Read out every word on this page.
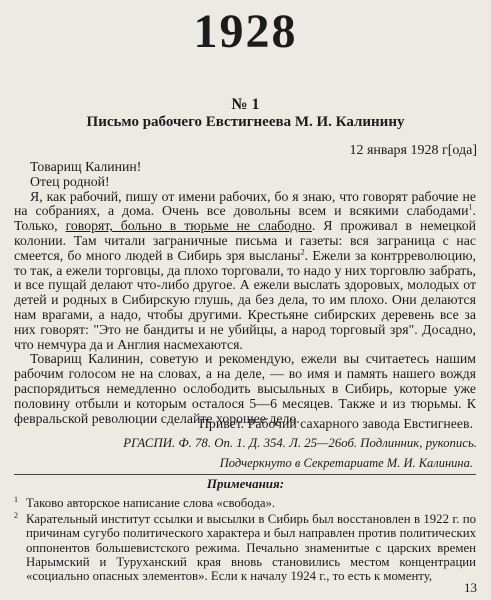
1928
№ 1
Письмо рабочего Евстигнеева М. И. Калинину
12 января 1928 г[ода]

Товарищ Калинин!

Отец родной!

Я, как рабочий, пишу от имени рабочих, бо я знаю, что говорят рабочие не на собраниях, а дома. Очень все довольны всем и всякими слабодами$^1$. Только, говорят, больно в тюрьме не слабодно. Я проживал в немецкой колонии. Там читали заграничные письма и газеты: вся заграница с нас смеется, бо много людей в Сибирь зря высланы$^2$. Ежели за контрреволюцию, то так, а ежели торговцы, да плохо торговали, то надо у них торговлю забрать, и все пущай делают что-либо другое. А ежели выслать здоровых, молодых от детей и родных в Сибирскую глушь, да без дела, то им плохо. Они делаются нам врагами, а надо, чтобы другими. Крестьяне сибирских деревень все за них говорят: "Это не бандиты и не убийцы, а народ торговый зря". Досадно, что немчура да и Англия насмехаются.

Товарищ Калинин, советую и рекомендую, ежели вы считаетесь нашим рабочим голосом не на словах, а на деле, — во имя и память нашего вождя распорядиться немедленно ослободить высыльных в Сибирь, которые уже половину отбыли и которым осталося 5—6 месяцев. Также и из тюрьмы. К февральской революции сделайте хорошее дело.

Привет. Рабочий сахарного завода Евстигнеев.
РГАСПИ. Ф. 78. Оп. 1. Д. 354. Л. 25—26об. Подлинник, рукопись.
Подчеркнуто в Секретариате М. И. Калинина.
Примечания:
1 Таково авторское написание слова «свобода».
2 Карательный институт ссылки и высылки в Сибирь был восстановлен в 1922 г. по причинам сугубо политического характера и был направлен против политических оппонентов большевистского режима. Печально знаменитые с царских времен Нарымский и Туруханский края вновь становились местом концентрации «социально опасных элементов». Если к началу 1924 г., то есть к моменту,
13
